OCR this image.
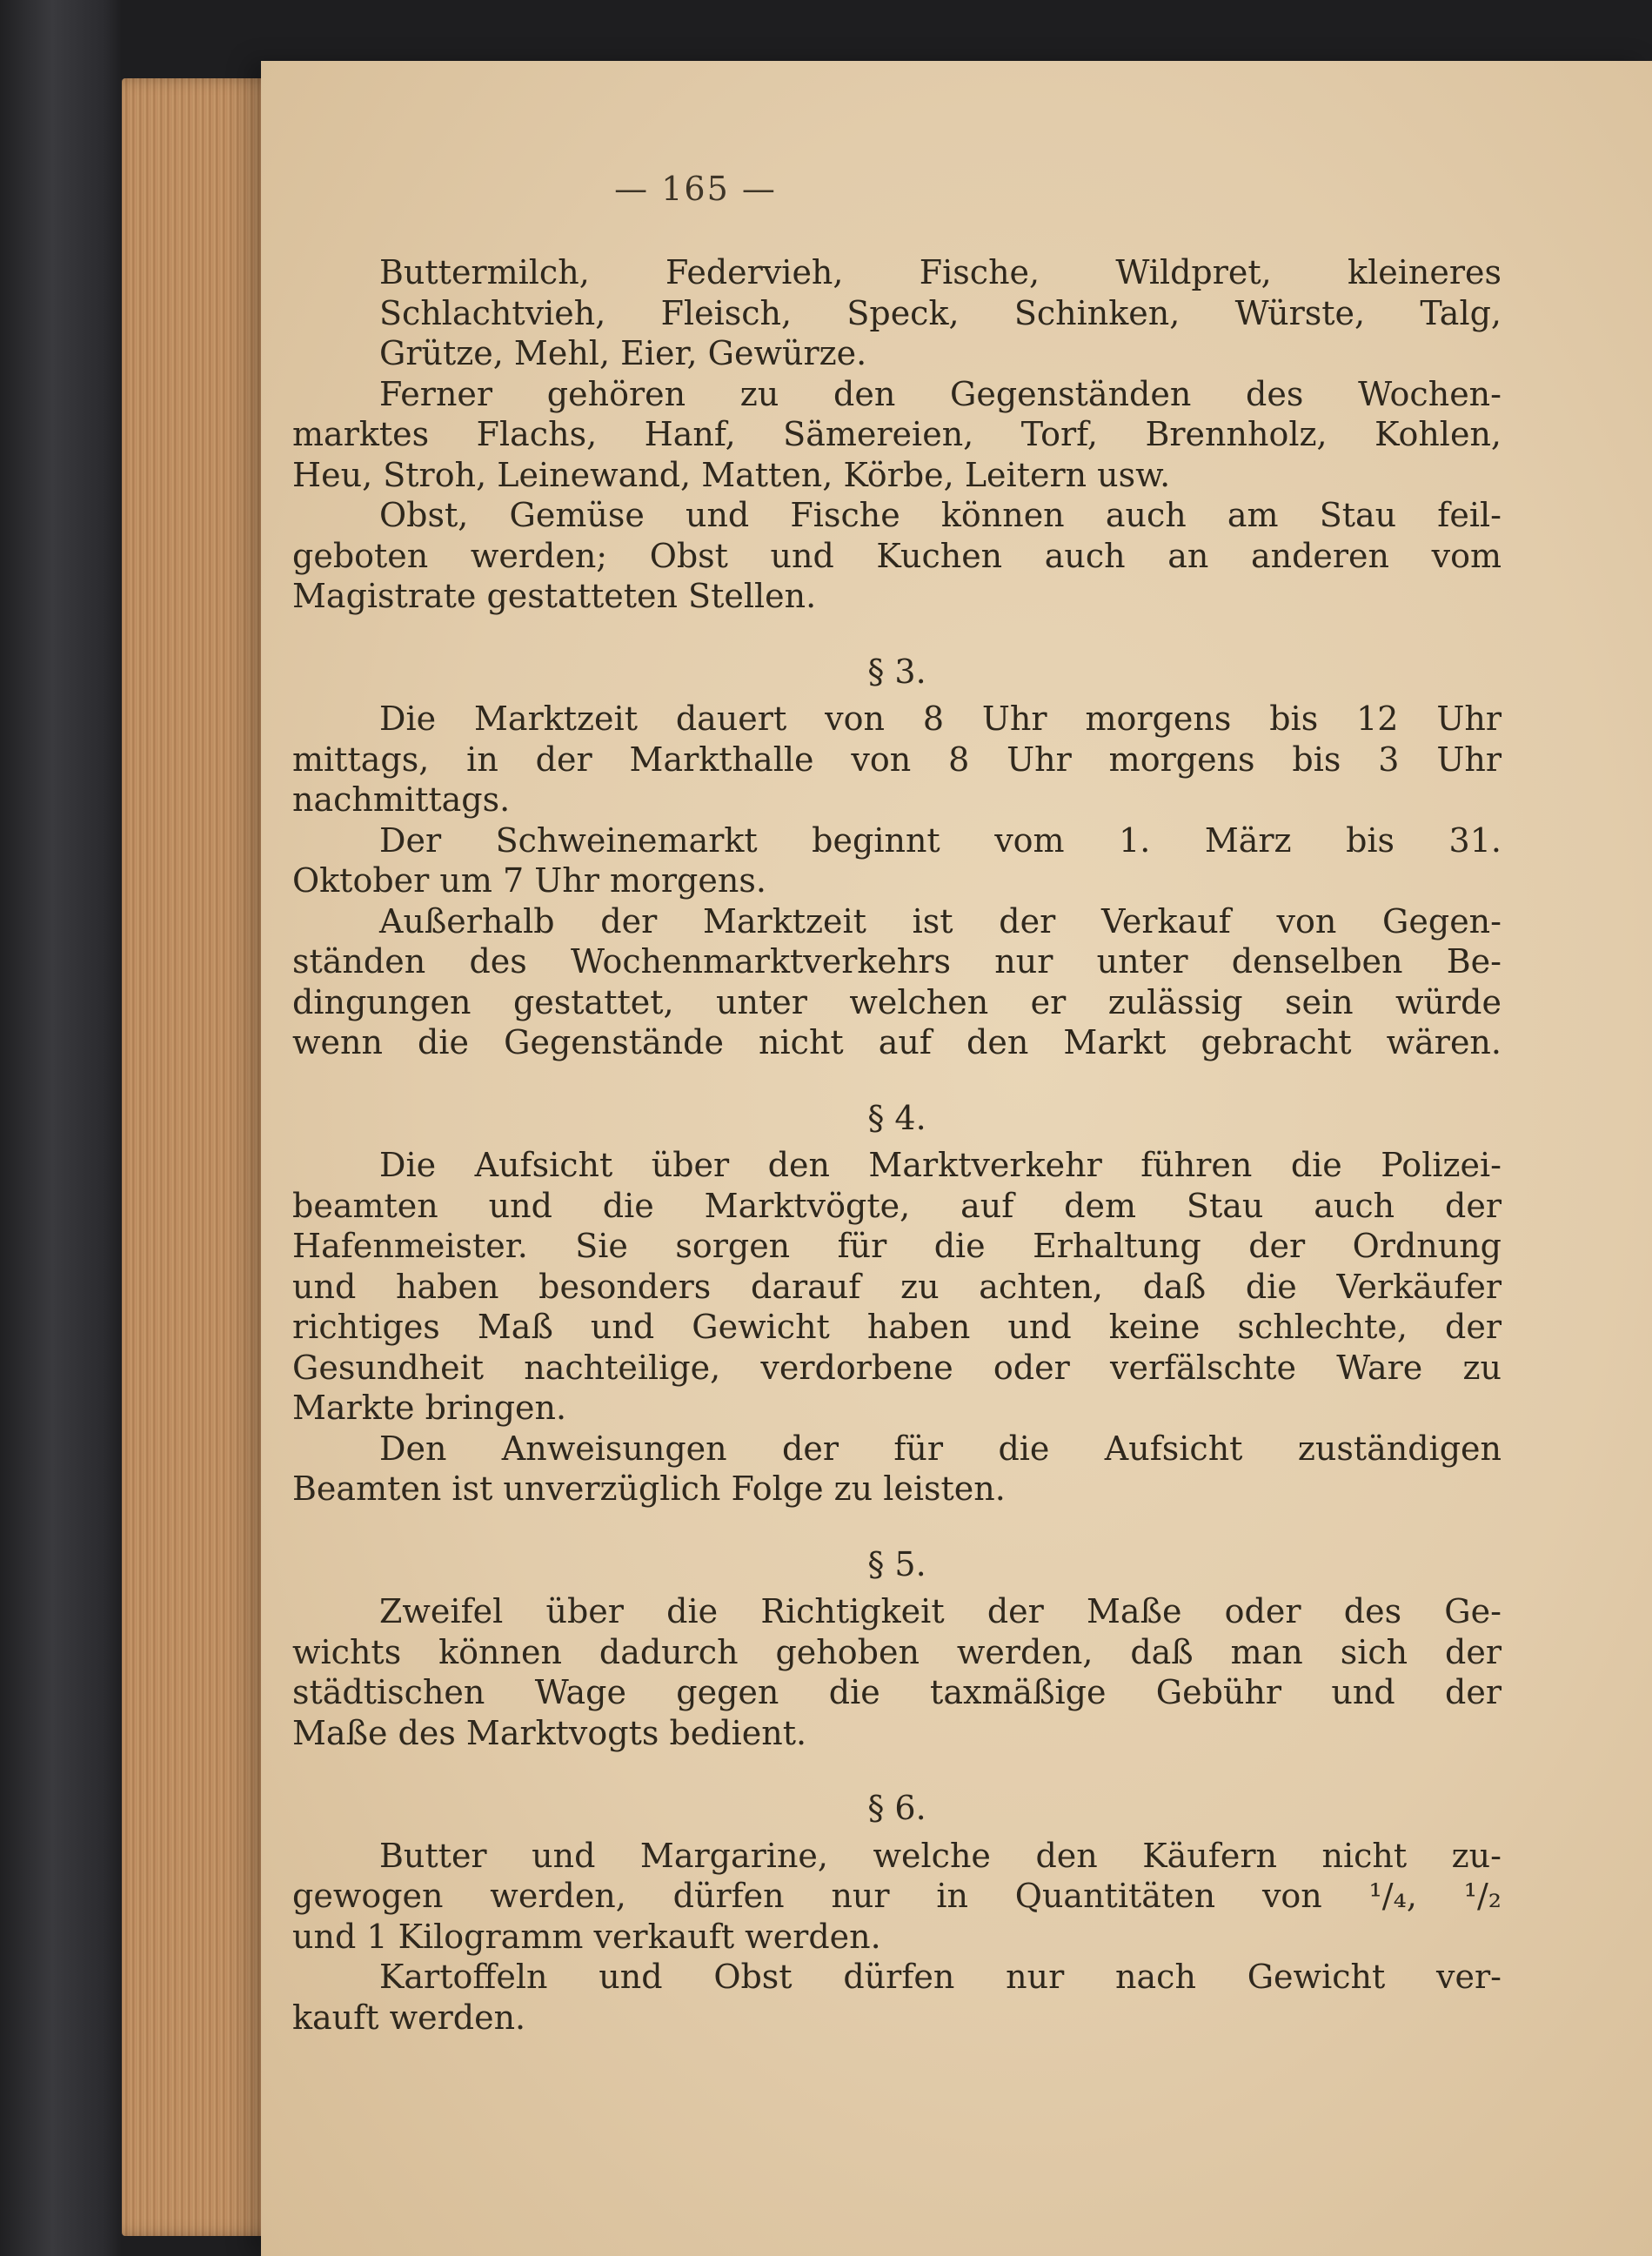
— 165 —
Buttermilch, Federvieh, Fische, Wildpret, kleineres
Schlachtvieh, Fleisch, Speck, Schinken, Würste, Talg,
Grütze, Mehl, Eier, Gewürze.
Ferner gehören zu den Gegenständen des Wochen-
marktes Flachs, Hanf, Sämereien, Torf, Brennholz, Kohlen,
Heu, Stroh, Leinewand, Matten, Körbe, Leitern usw.
Obst, Gemüse und Fische können auch am Stau feil-
geboten werden; Obst und Kuchen auch an anderen vom
Magistrate gestatteten Stellen.
§ 3.
Die Marktzeit dauert von 8 Uhr morgens bis 12 Uhr
mittags, in der Markthalle von 8 Uhr morgens bis 3 Uhr
nachmittags.
Der Schweinemarkt beginnt vom 1. März bis 31.
Oktober um 7 Uhr morgens.
Außerhalb der Marktzeit ist der Verkauf von Gegen-
ständen des Wochenmarktverkehrs nur unter denselben Be-
dingungen gestattet, unter welchen er zulässig sein würde
wenn die Gegenstände nicht auf den Markt gebracht wären.
§ 4.
Die Aufsicht über den Marktverkehr führen die Polizei-
beamten und die Marktvögte, auf dem Stau auch der
Hafenmeister. Sie sorgen für die Erhaltung der Ordnung
und haben besonders darauf zu achten, daß die Verkäufer
richtiges Maß und Gewicht haben und keine schlechte, der
Gesundheit nachteilige, verdorbene oder verfälschte Ware zu
Markte bringen.
Den Anweisungen der für die Aufsicht zuständigen
Beamten ist unverzüglich Folge zu leisten.
§ 5.
Zweifel über die Richtigkeit der Maße oder des Ge-
wichts können dadurch gehoben werden, daß man sich der
städtischen Wage gegen die taxmäßige Gebühr und der
Maße des Marktvogts bedient.
§ 6.
Butter und Margarine, welche den Käufern nicht zu-
gewogen werden, dürfen nur in Quantitäten von ¹/₄, ¹/₂
und 1 Kilogramm verkauft werden.
Kartoffeln und Obst dürfen nur nach Gewicht ver-
kauft werden.
